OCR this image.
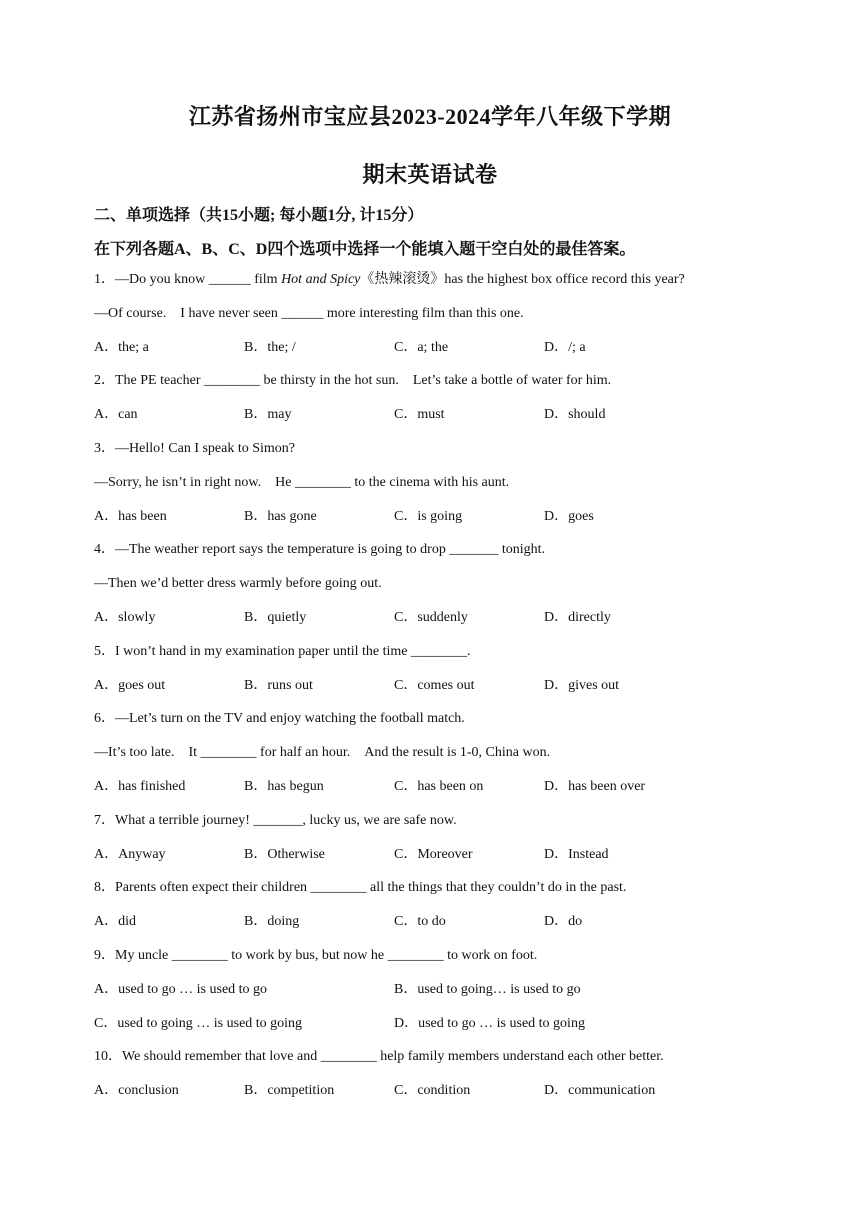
江苏省扬州市宝应县2023-2024学年八年级下学期
期末英语试卷
二、单项选择（共15小题; 每小题1分, 计15分）
在下列各题A、B、C、D四个选项中选择一个能填入题干空白处的最佳答案。
1．—Do you know ______ film Hot and Spicy《热辣滚烫》has the highest box office record this year?
—Of course.　I have never seen ______ more interesting film than this one.
A．the; a	B．the; /	C．a; the	D．/; a
2．The PE teacher ________ be thirsty in the hot sun.　Let’s take a bottle of water for him.
A．can	B．may	C．must	D．should
3．—Hello! Can I speak to Simon?
—Sorry, he isn’t in right now.　He ________ to the cinema with his aunt.
A．has been	B．has gone	C．is going	D．goes
4．—The weather report says the temperature is going to drop _______ tonight.
—Then we’d better dress warmly before going out.
A．slowly	B．quietly	C．suddenly	D．directly
5．I won’t hand in my examination paper until the time ________.
A．goes out	B．runs out	C．comes out	D．gives out
6．—Let’s turn on the TV and enjoy watching the football match.
—It’s too late.　It ________ for half an hour.　And the result is 1-0, China won.
A．has finished	B．has begun	C．has been on	D．has been over
7．What a terrible journey! _______, lucky us, we are safe now.
A．Anyway	B．Otherwise	C．Moreover	D．Instead
8．Parents often expect their children ________ all the things that they couldn’t do in the past.
A．did	B．doing	C．to do	D．do
9．My uncle ________ to work by bus, but now he ________ to work on foot.
A．used to go … is used to go	B．used to going… is used to go
C．used to going … is used to going	D．used to go … is used to going
10．We should remember that love and ________ help family members understand each other better.
A．conclusion	B．competition	C．condition	D．communication
